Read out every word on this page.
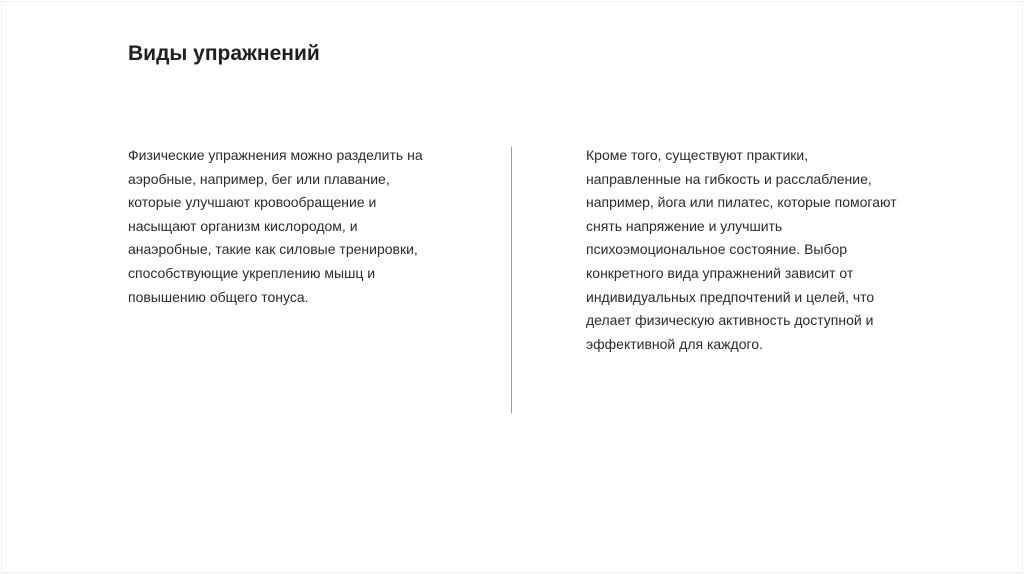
Виды упражнений

Физические упражнения можно разделить на
аэробные, например, бег или плавание,
которые улучшают кровообращение и
насыщают организм кислородом, и
анаэробные, такие как силовые тренировки,
способствующие укреплению мышц и
повышению общего тонуса.

Кроме того, существуют практики,
направленные на гибкость и расслабление,
например, йога или пилатес, которые помогают
снять напряжение и улучшить
психоэмоциональное состояние. Выбор
конкретного вида упражнений зависит от
индивидуальных предпочтений и целей, что
делает физическую активность доступной и
эффективной для каждого.
